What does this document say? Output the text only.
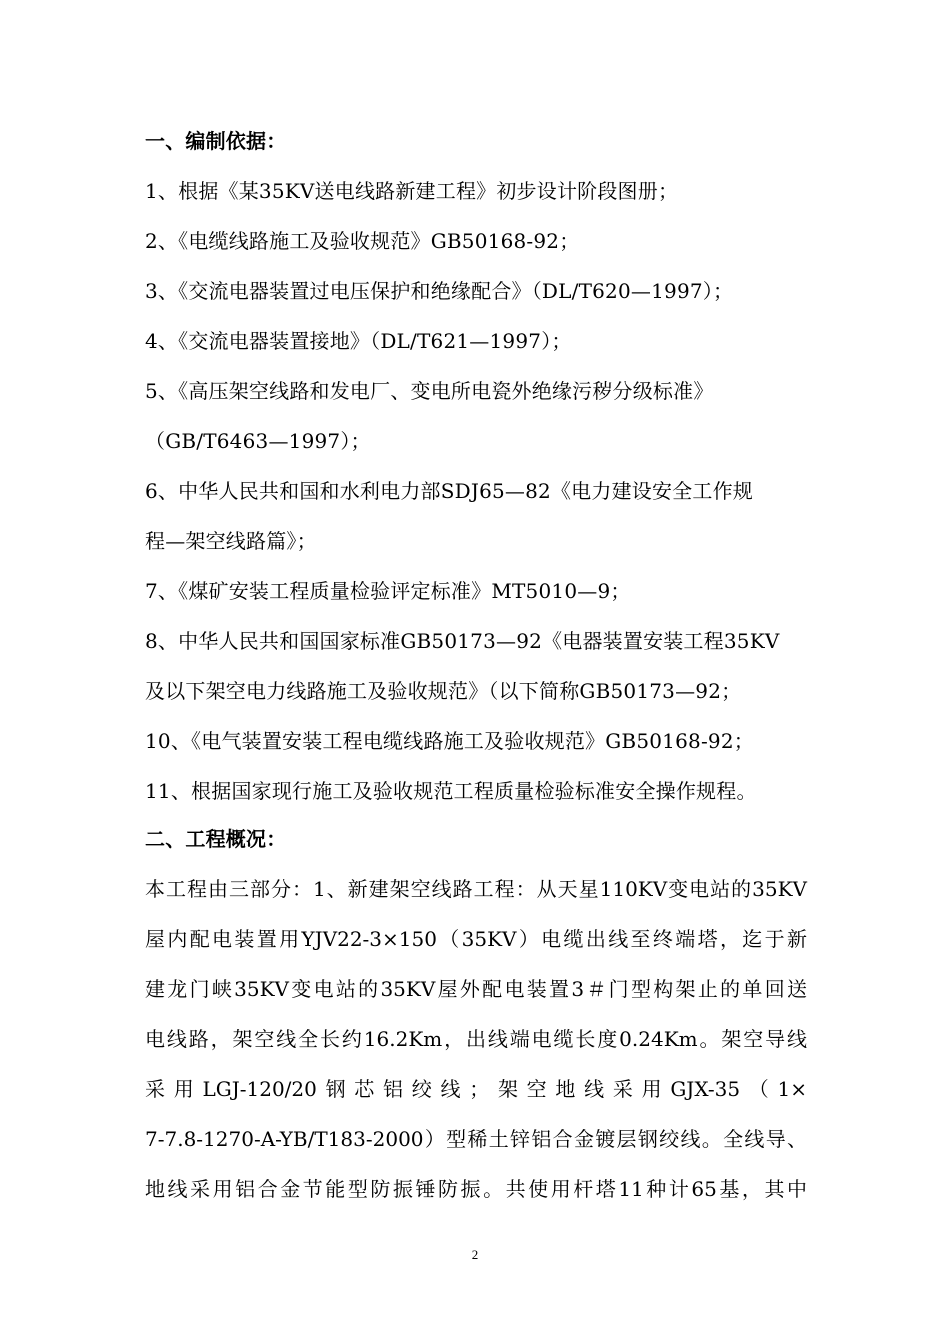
一、编制依据：
1、根据《某35KV送电线路新建工程》初步设计阶段图册；
2、《电缆线路施工及验收规范》GB50168-92；
3、《交流电器装置过电压保护和绝缘配合》（DL/T620—1997）；
4、《交流电器装置接地》（DL/T621—1997）；
5、《高压架空线路和发电厂、变电所电瓷外绝缘污秽分级标准》
（GB/T6463—1997）；
6、中华人民共和国和水利电力部SDJ65—82《电力建设安全工作规
程—架空线路篇》；
7、《煤矿安装工程质量检验评定标准》MT5010—9；
8、中华人民共和国国家标准GB50173—92《电器装置安装工程35KV
及以下架空电力线路施工及验收规范》（以下简称GB50173—92；
10、《电气装置安装工程电缆线路施工及验收规范》GB50168-92；
11、根据国家现行施工及验收规范工程质量检验标准安全操作规程。
二、工程概况：
本工程由三部分：1、新建架空线路工程：从天星110KV变电站的35KV
屋内配电装置用YJV22-3×150（35KV）电缆出线至终端塔，迄于新
建龙门峡35KV变电站的35KV屋外配电装置3＃门型构架止的单回送
电线路，架空线全长约16.2Km，出线端电缆长度0.24Km。架空导线
采用LGJ-120/20钢芯铝绞线；架空地线采用GJX-35（1×
7-7.8-1270-A-YB/T183-2000）型稀土锌铝合金镀层钢绞线。全线导、
地线采用铝合金节能型防振锤防振。共使用杆塔11种计65基，其中
2
